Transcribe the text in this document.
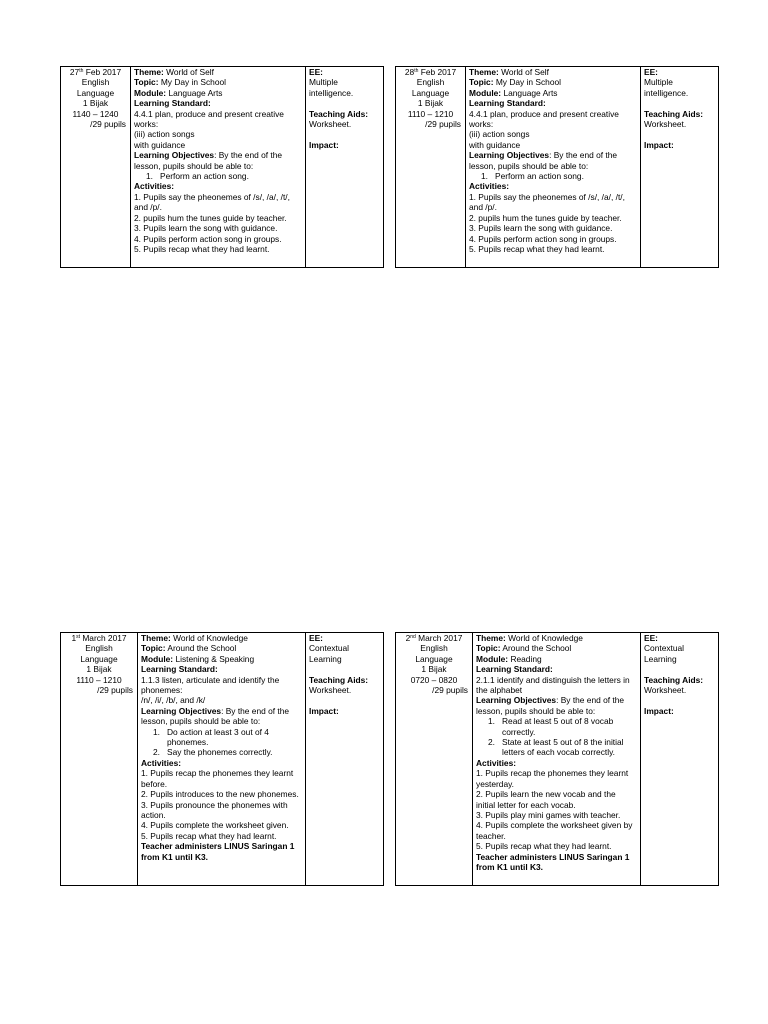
27th Feb 2017
English
Language
1 Bijak
1140 – 1240
/29 pupils

Theme: World of Self
Topic: My Day in School
Module: Language Arts
Learning Standard:
4.4.1 plan, produce and present creative works:
(iii) action songs
with guidance
Learning Objectives: By the end of the lesson, pupils should be able to:
1. Perform an action song.
Activities:
1. Pupils say the pheonemes of /s/, /a/, /t/, and /p/.
2. pupils hum the tunes guide by teacher.
3. Pupils learn the song with guidance.
4. Pupils perform action song in groups.
5. Pupils recap what they had learnt.

EE:
Multiple intelligence.
Teaching Aids:
Worksheet.
Impact:
28th Feb 2017
English
Language
1 Bijak
1110 – 1210
/29 pupils

Theme: World of Self
Topic: My Day in School
Module: Language Arts
Learning Standard:
4.4.1 plan, produce and present creative works:
(iii) action songs
with guidance
Learning Objectives: By the end of the lesson, pupils should be able to:
1. Perform an action song.
Activities:
1. Pupils say the pheonemes of /s/, /a/, /t/, and /p/.
2. pupils hum the tunes guide by teacher.
3. Pupils learn the song with guidance.
4. Pupils perform action song in groups.
5. Pupils recap what they had learnt.

EE:
Multiple intelligence.
Teaching Aids:
Worksheet.
Impact:
1st March 2017
English
Language
1 Bijak
1110 – 1210
/29 pupils

Theme: World of Knowledge
Topic: Around the School
Module: Listening & Speaking
Learning Standard:
1.1.3 listen, articulate and identify the phonemes:
/n/, /i/, /b/, and /k/
Learning Objectives: By the end of the lesson, pupils should be able to:
1. Do action at least 3 out of 4 phonemes.
2. Say the phonemes correctly.
Activities:
1. Pupils recap the phonemes they learnt before.
2. Pupils introduces to the new phonemes.
3. Pupils pronounce the phonemes with action.
4. Pupils complete the worksheet given.
5. Pupils recap what they had learnt.
Teacher administers LINUS Saringan 1 from K1 until K3.

EE:
Contextual Learning
Teaching Aids:
Worksheet.
Impact:
2nd March 2017
English
Language
1 Bijak
0720 – 0820
/29 pupils

Theme: World of Knowledge
Topic: Around the School
Module: Reading
Learning Standard:
2.1.1 identify and distinguish the letters in the alphabet
Learning Objectives: By the end of the lesson, pupils should be able to:
1. Read at least 5 out of 8 vocab correctly.
2. State at least 5 out of 8 the initial letters of each vocab correctly.
Activities:
1. Pupils recap the phonemes they learnt yesterday.
2. Pupils learn the new vocab and the initial letter for each vocab.
3. Pupils play mini games with teacher.
4. Pupils complete the worksheet given by teacher.
5. Pupils recap what they had learnt.
Teacher administers LINUS Saringan 1 from K1 until K3.

EE:
Contextual Learning
Teaching Aids:
Worksheet.
Impact:
